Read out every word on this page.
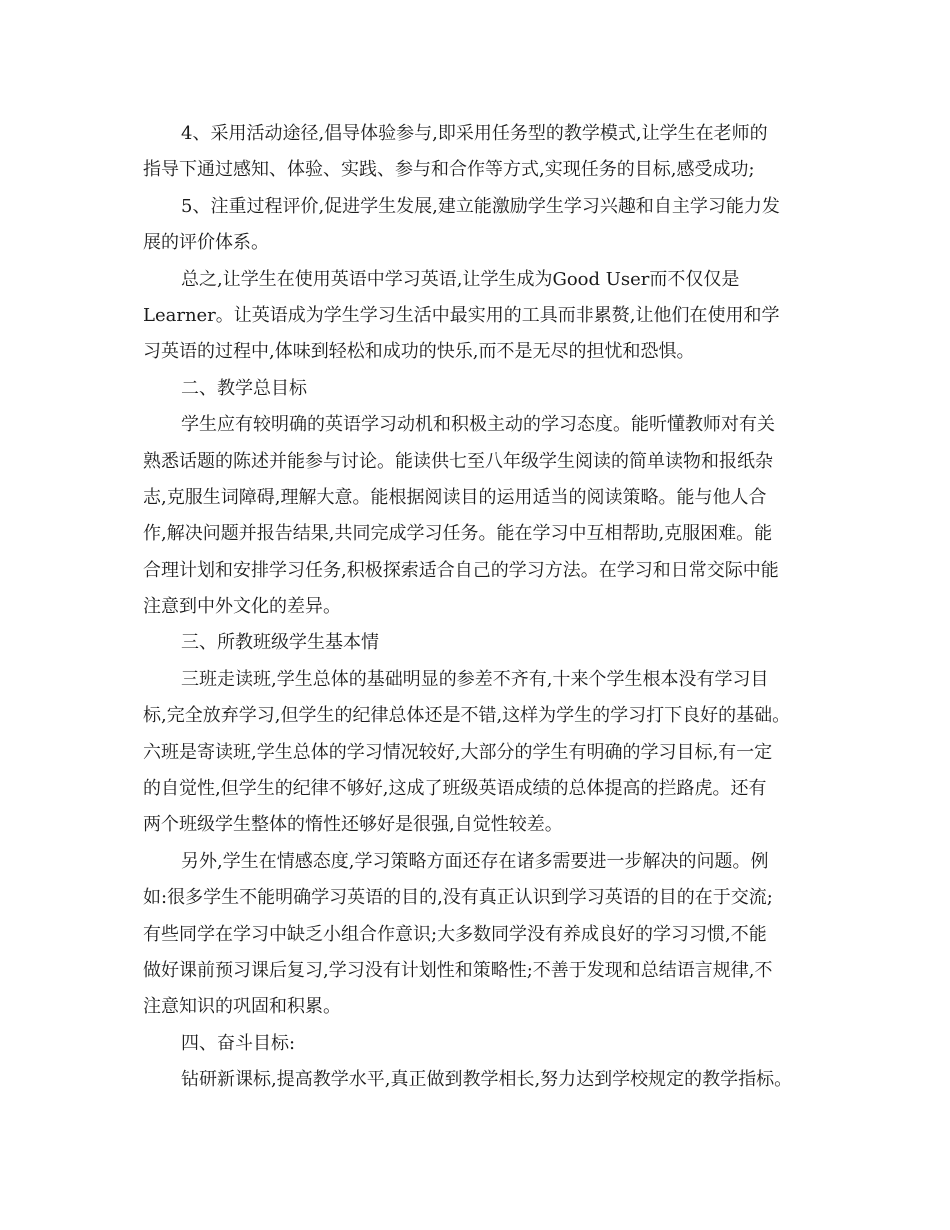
4、采用活动途径,倡导体验参与,即采用任务型的教学模式,让学生在老师的
指导下通过感知、体验、实践、参与和合作等方式,实现任务的目标,感受成功;
5、注重过程评价,促进学生发展,建立能激励学生学习兴趣和自主学习能力发
展的评价体系。
总之,让学生在使用英语中学习英语,让学生成为Good User而不仅仅是
Learner。让英语成为学生学习生活中最实用的工具而非累赘,让他们在使用和学
习英语的过程中,体味到轻松和成功的快乐,而不是无尽的担忧和恐惧。
二、教学总目标
学生应有较明确的英语学习动机和积极主动的学习态度。能听懂教师对有关
熟悉话题的陈述并能参与讨论。能读供七至八年级学生阅读的简单读物和报纸杂
志,克服生词障碍,理解大意。能根据阅读目的运用适当的阅读策略。能与他人合
作,解决问题并报告结果,共同完成学习任务。能在学习中互相帮助,克服困难。能
合理计划和安排学习任务,积极探索适合自己的学习方法。在学习和日常交际中能
注意到中外文化的差异。
三、所教班级学生基本情
三班走读班,学生总体的基础明显的参差不齐有,十来个学生根本没有学习目
标,完全放弃学习,但学生的纪律总体还是不错,这样为学生的学习打下良好的基础。
六班是寄读班,学生总体的学习情况较好,大部分的学生有明确的学习目标,有一定
的自觉性,但学生的纪律不够好,这成了班级英语成绩的总体提高的拦路虎。还有
两个班级学生整体的惰性还够好是很强,自觉性较差。
另外,学生在情感态度,学习策略方面还存在诸多需要进一步解决的问题。例
如:很多学生不能明确学习英语的目的,没有真正认识到学习英语的目的在于交流;
有些同学在学习中缺乏小组合作意识;大多数同学没有养成良好的学习习惯,不能
做好课前预习课后复习,学习没有计划性和策略性;不善于发现和总结语言规律,不
注意知识的巩固和积累。
四、奋斗目标:
钻研新课标,提高教学水平,真正做到教学相长,努力达到学校规定的教学指标。
